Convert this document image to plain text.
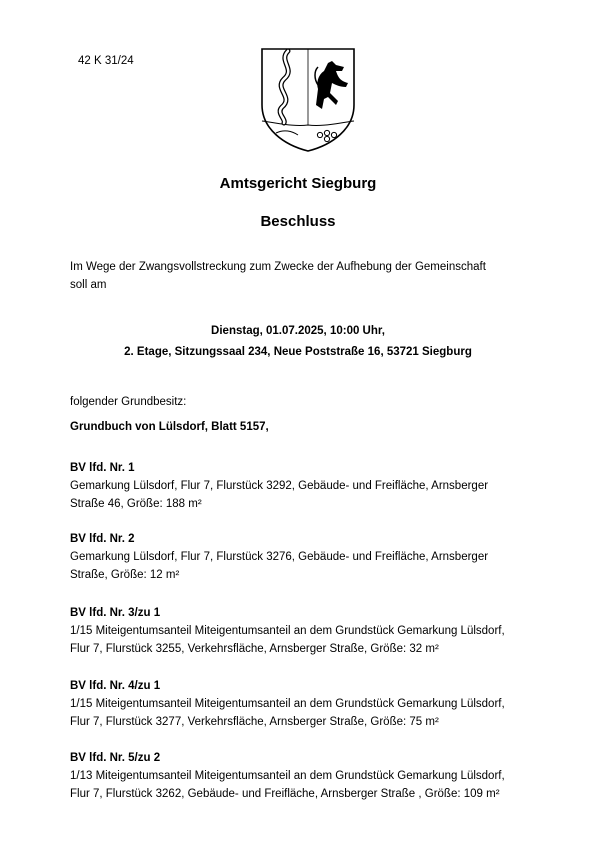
42 K 31/24
Amtsgericht Siegburg
Beschluss
Im Wege der Zwangsvollstreckung zum Zwecke der Aufhebung der Gemeinschaft
soll am
Dienstag, 01.07.2025, 10:00 Uhr,
2. Etage, Sitzungssaal 234, Neue Poststraße 16, 53721 Siegburg
folgender Grundbesitz:
Grundbuch von Lülsdorf, Blatt 5157,
BV lfd. Nr. 1
Gemarkung Lülsdorf, Flur 7, Flurstück 3292, Gebäude- und Freifläche, Arnsberger
Straße 46, Größe: 188 m²
BV lfd. Nr. 2
Gemarkung Lülsdorf, Flur 7, Flurstück 3276, Gebäude- und Freifläche, Arnsberger
Straße, Größe: 12 m²
BV lfd. Nr. 3/zu 1
1/15 Miteigentumsanteil Miteigentumsanteil an dem Grundstück Gemarkung Lülsdorf,
Flur 7, Flurstück 3255, Verkehrsfläche, Arnsberger Straße, Größe: 32 m²
BV lfd. Nr. 4/zu 1
1/15 Miteigentumsanteil Miteigentumsanteil an dem Grundstück Gemarkung Lülsdorf,
Flur 7, Flurstück 3277, Verkehrsfläche, Arnsberger Straße, Größe: 75 m²
BV lfd. Nr. 5/zu 2
1/13 Miteigentumsanteil Miteigentumsanteil an dem Grundstück Gemarkung Lülsdorf,
Flur 7, Flurstück 3262, Gebäude- und Freifläche, Arnsberger Straße , Größe: 109 m²
